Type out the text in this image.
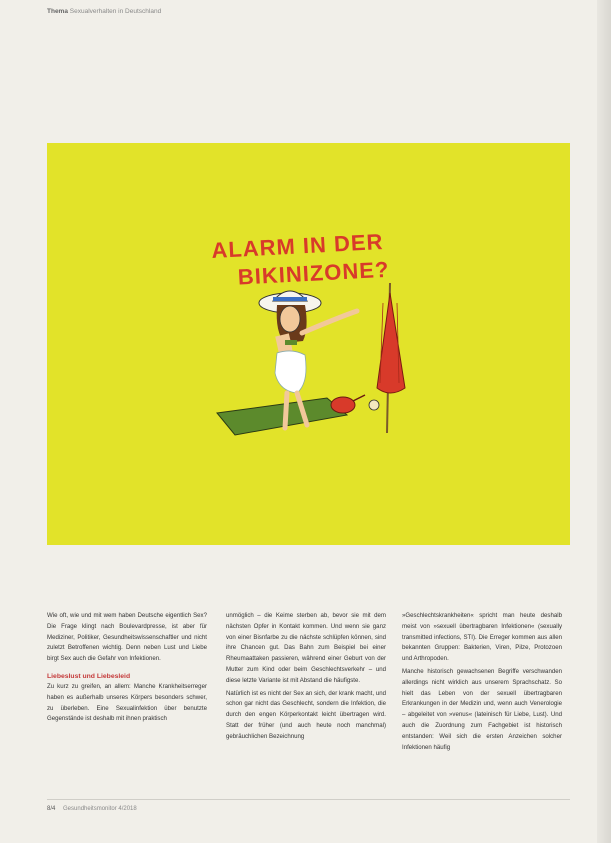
Thema Sexualverhalten in Deutschland
ALARM IN DER
BIKINIZONE?

Wie oft, wie und mit wem haben Deutsche eigentlich Sex? Die Frage klingt nach Boulevardpresse, ist aber für Mediziner, Politiker, Gesundheitswissenschaftler und nicht zuletzt Betroffenen wichtig. Denn neben Lust und Liebe birgt Sex auch die Gefahr von Infektionen.

Liebeslust und Liebesleid

Zu kurz zu greifen, an allem: Manche Krankheitserreger haben es außerhalb unseres Körpers besonders schwer, zu überleben. Eine Sexualinfektion über benutzte Gegenstände ist deshalb mit ihnen praktisch

unmöglich – die Keime sterben ab, bevor sie mit dem nächsten Opfer in Kontakt kommen. Und wenn sie ganz von einer Bisnfarbe zu die nächste schlüpfen können, sind ihre Chancen gut. Das Bahn zum Beispiel bei einer Rheumaattaken passieren, während einer Geburt von der Mutter zum Kind oder beim Geschlechtsverkehr – und diese letzte Variante ist mit Abstand die häufigste.

Natürlich ist es nicht der Sex an sich, der krank macht, und schon gar nicht das Geschlecht, sondern die Infektion, die durch den engen Körperkontakt leicht übertragen wird. Statt der früher (und auch heute noch manchmal) gebräuchlichen Bezeichnung

»Geschlechtskrankheiten« spricht man heute deshalb meist von »sexuell übertragbaren Infektionen« (sexually transmitted infections, STI). Die Erreger kommen aus allen bekannten Gruppen: Bakterien, Viren, Pilze, Protozoen und Arthropoden.

Manche historisch gewachsenen Begriffe verschwanden allerdings nicht wirklich aus unserem Sprachschatz. So hielt das Leben von der sexuell übertragbaren Erkrankungen in der Medizin und, wenn auch Venerologie – abgeleitet von »venus« (lateinisch für Liebe, Lust). Und auch die Zuordnung zum Fachgebiet ist historisch entstanden: Weil sich die ersten Anzeichen solcher Infektionen häufig

8/4 Gesundheitsmonitor 4/2018
